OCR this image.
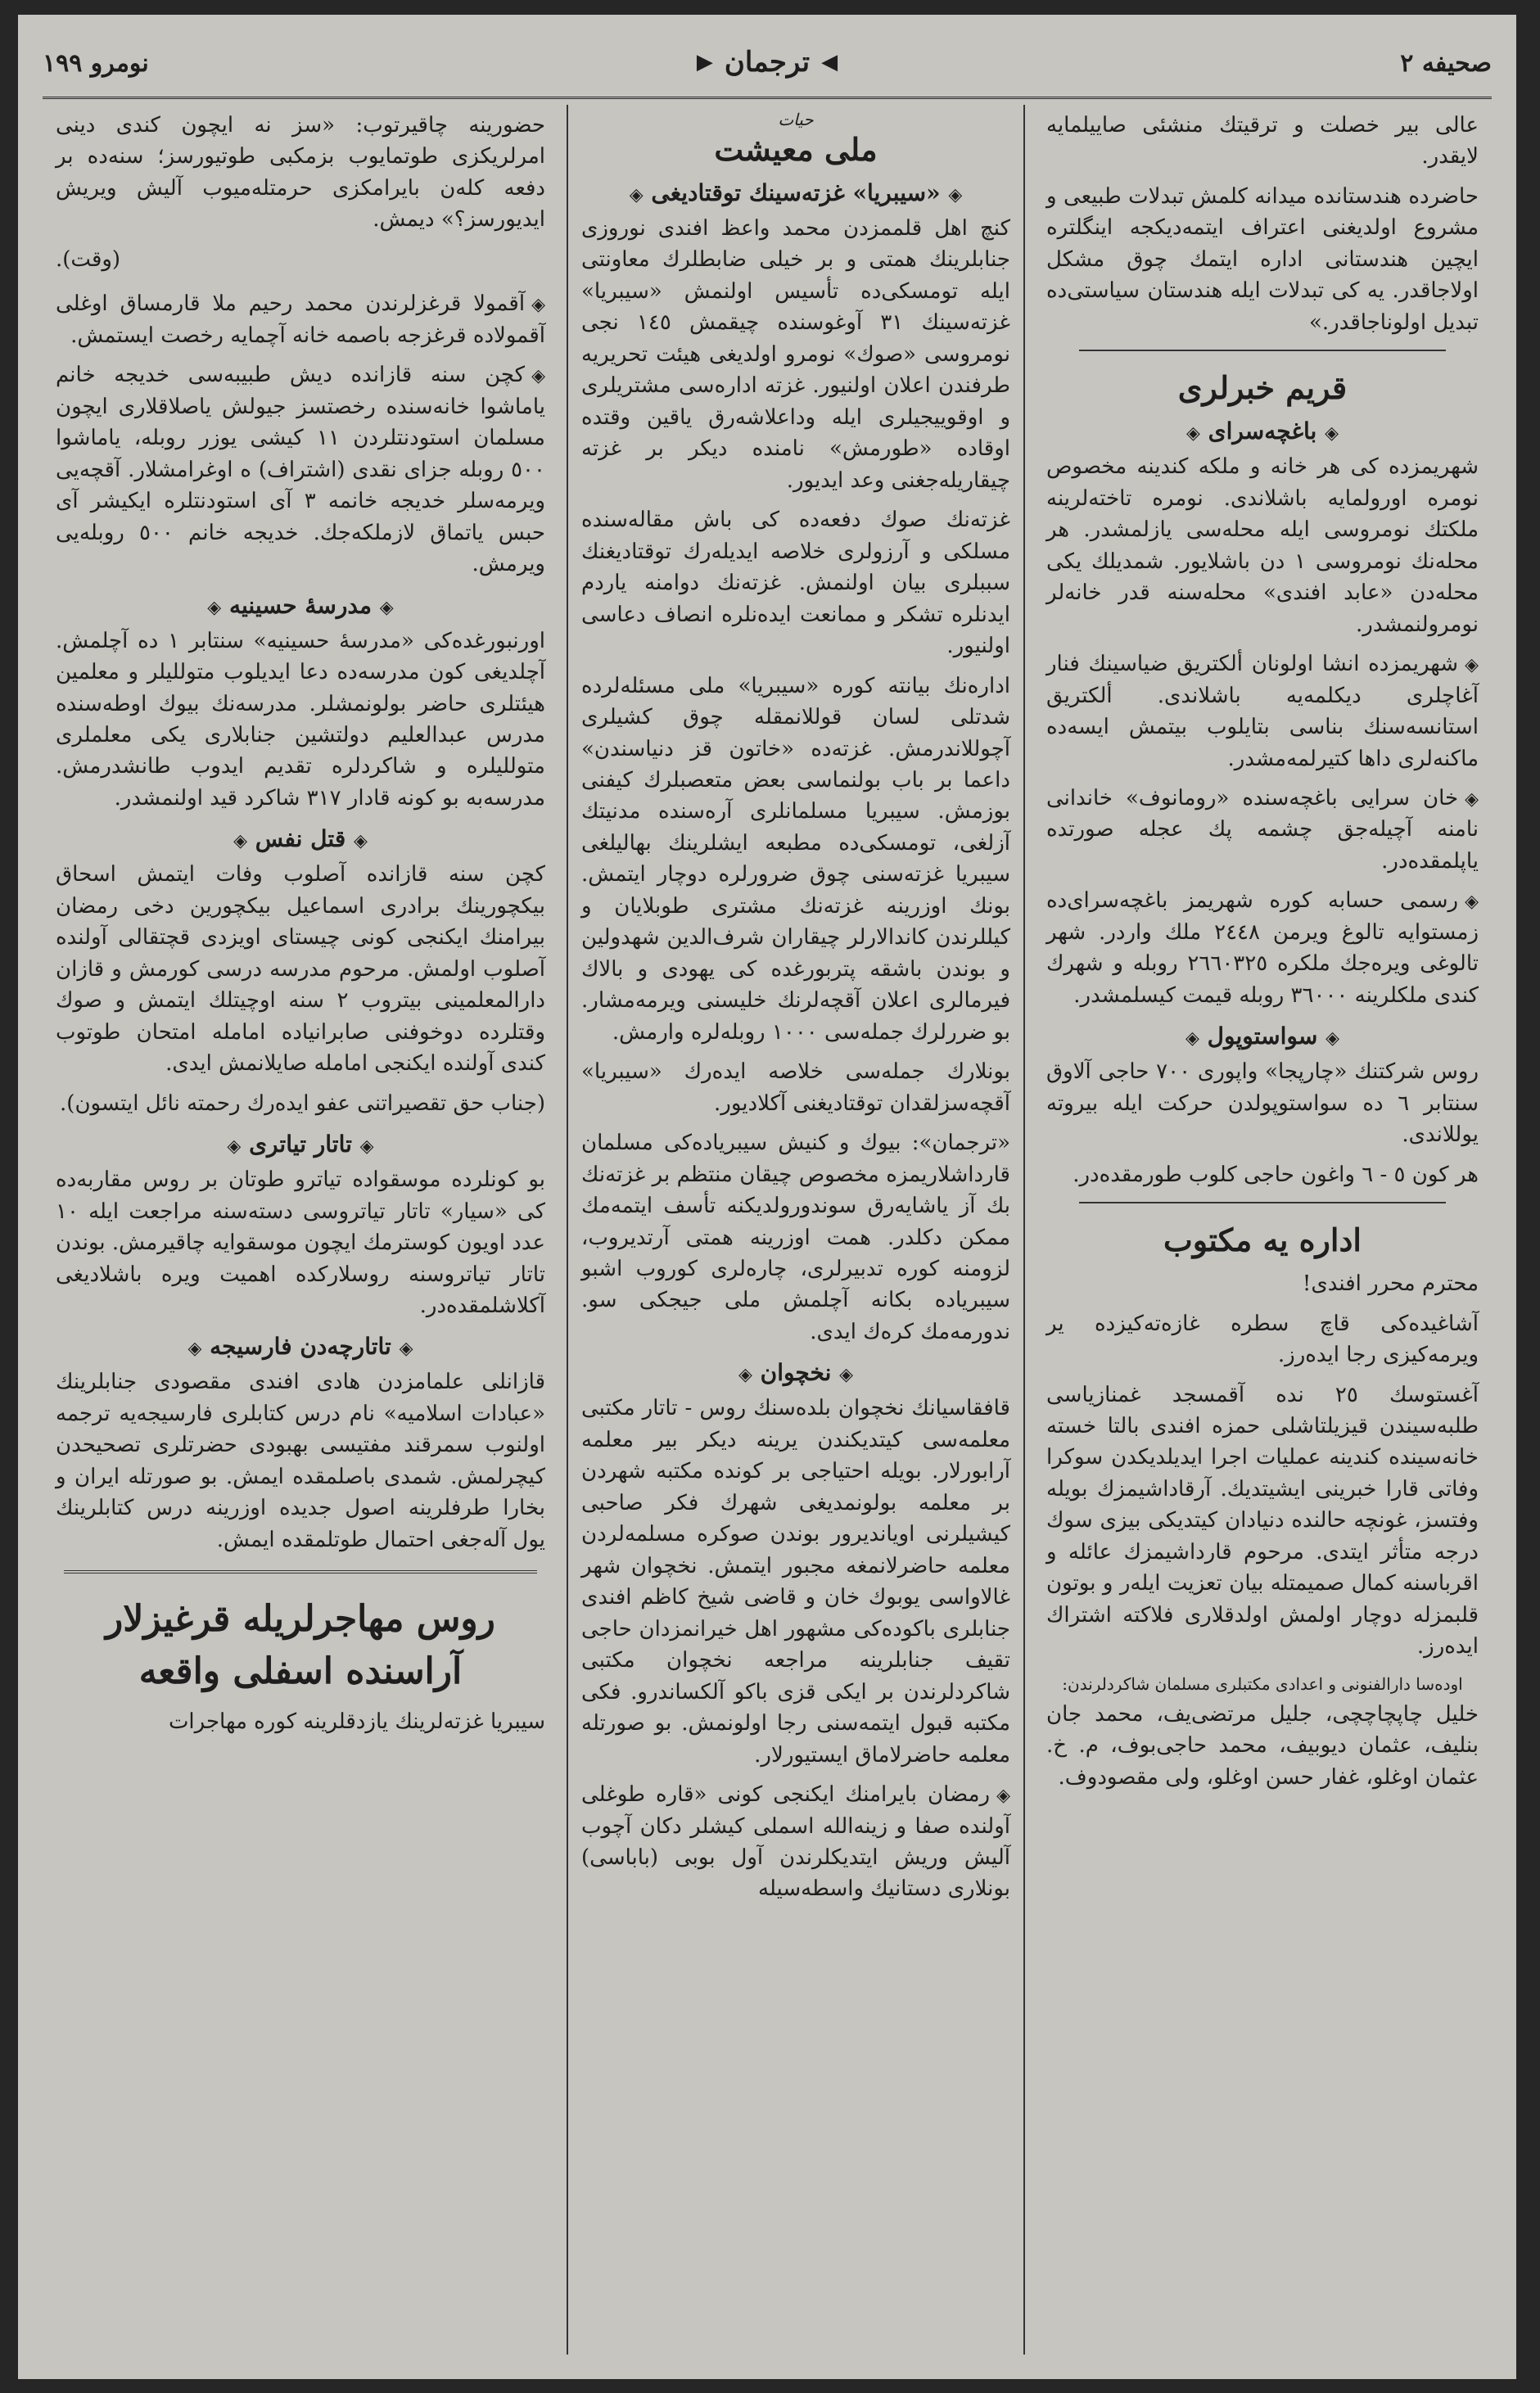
صحیفه ٢
◀
ترجمان
▶
نومرو ١٩٩

عالی بیر خصلت و ترقیتك منشئی صاییلمایه لایقدر.

حاضرده هندستانده میدانه کلمش تبدلات طبیعی و مشروع اولدیغنی اعتراف ایتمه‌دیکجه اینگلتره ایچین هندستانی اداره ایتمك چوق مشکل اولاجاقدر. یه کی تبدلات ایله هندستان سیاستی‌ده تبدیل اولوناجاقدر.»

قریم خبرلری
◈ باغچه‌سرای ◈

شهریمزده کی هر خانه و ملکه کندینه مخصوص نومره اورولمایه باشلاندی. نومره تاختەلرینه ملکتك نومروسی ایله محله‌سی یازلمشدر. هر محله‌نك نومروسی ١ دن باشلایور. شمدیلك یکی محله‌دن «عابد افندی» محله‌سنه قدر خانه‌لر نومرولنمشدر.

◈شهریمزده انشا اولونان ألکتریق ضیاسینك فنار آغاچلری دیکلمه‌یه باشلاندی. ألکتریق استانسه‌سنك بناسی بتایلوب بیتمش ایسه‌ده ماکنه‌لری داها کتیرلمه‌مشدر.

◈خان سرایی باغچه‌سنده «رومانوف» خاندانی نامنه آچیله‌جق چشمه پك عجله صورتده یاپلمقده‌در.

◈رسمی حسابه کوره شهریمز باغچه‌سرای‌ده زمستوایه تالوغ ویرمن ٢٤٤٨ ملك واردر. شهر تالوغی ویره‌جك ملکره ٢٦٦٠٣٢٥ روبله و شهرك کندی ملکلرینه ٣٦٠٠٠ روبله قیمت کیسلمشدر.

◈ سواستوپول ◈

روس شرکتنك «چارپجا» واپوری ٧٠٠ حاجی آلاوق سنتابر ٦ ده سواستوپولدن حرکت ایله بیروته یوللاندی.

هر کون ٥ - ٦ واغون حاجی کلوب طورمقده‌در.

اداره یه مکتوب

محترم محرر افندی!

آشاغیده‌کی قاچ سطره غازه‌ته‌کیزده یر ویرمه‌کیزی رجا ایدەرز.

آغستوسك ٢٥ نده آقمسجد غمنازیاسی طلبه‌سیندن قیزیلتاشلی حمزه افندی بالتا خسته خانه‌سینده کندینه عملیات اجرا ایدیلدیکدن سوکرا وفاتی قارا خبرینی ایشیتدیك. آرقاداشیمزك بویله وفتسز، غونچه حالنده دنیادان کیتدیکی بیزی سوك درجه متأثر ایتدی. مرحوم قارداشیمزك عائله و اقرباسنه کمال صمیمتله بیان تعزیت ایله‌ر و بوتون قلبمزله دوچار اولمش اولدقلاری فلاکته اشتراك ایدەرز.

اودەسا دارالفنونی و اعدادی مکتبلری مسلمان شاکردلرندن:

خلیل چاپچاچچی، جلیل مرتضی‌یف، محمد جان بنلیف، عثمان دیوبیف، محمد حاجی‌بوف، م. خ. عثمان اوغلو، غفار حسن اوغلو، ولی مقصودوف.

حیات
ملی معیشت
◈ «سیبریا» غزته‌سینك توقتادیغی ◈

کنچ اهل قلممزدن محمد واعظ افندی نوروزی جنابلرینك همتی و بر خیلی ضابطلرك معاونتی ایله تومسکی‌ده تأسیس اولنمش «سیبریا» غزته‌سینك ٣١ آوغوسنده چیقمش ١٤٥ نجی نومروسی «صوك» نومرو اولدیغی هیئت تحریریه طرفندن اعلان اولنیور. غزته اداره‌سی مشتریلری و اوقوییجیلری ایله وداعلاشه‌رق یاقین وقتده اوقاده «طورمش» نامنده دیکر بر غزته چیقاریله‌جغنی وعد ایدیور.

غزته‌نك صوك دفعه‌ده کی باش مقاله‌سنده مسلکی و آرزولری خلاصه ایدیله‌رك توقتادیغنك سببلری بیان اولنمش. غزته‌نك دوامنه یاردم ایدنلره تشکر و ممانعت ایدەنلره انصاف دعاسی اولنیور.

اداره‌نك بیانته کوره «سیبریا» ملی مسئله‌لرده شدتلی لسان قوللانمقله چوق کشیلری آچوللاندرمش. غزته‌ده «خاتون قز دنیاسندن» داعما بر باب بولنماسی بعض متعصبلرك کیفنی بوزمش. سیبریا مسلمانلری آره‌سنده مدنیتك آزلغی، تومسکی‌ده مطبعه ایشلرینك بهالیلغی سیبریا غزته‌سنی چوق ضرورلره دوچار ایتمش. بونك اوزرینه غزته‌نك مشتری طوبلایان و کیللرندن کاندالارلر چیقاران شرف‌الدین شهدولین و بوندن باشقه پتربورغده کی یهودی و بالاك فیرمالری اعلان آقچه‌لرنك خلیسنی ویرمه‌مشار. بو ضررلرك جمله‌سی ١٠٠٠ روبله‌لره وارمش.

بونلارك جمله‌سی خلاصه ایدەرك «سیبریا» آقچه‌سزلقدان توقتادیغنی آکلادیور.

«ترجمان»: بیوك و کنیش سیبریاده‌کی مسلمان قارداشلاریمزه مخصوص چیقان منتظم بر غزته‌نك بك آز یاشایه‌رق سوندورولدیکنه تأسف ایتمه‌مك ممکن دکلدر. همت اوزرینه همتی آرتدیروب، لزومنه کوره تدبیرلری، چاره‌لری کوروب اشبو سیبریاده بکانه آچلمش ملی جیجکی سو. ندورمه‌مك کرەك ایدی.

◈ نخچوان ◈

قافقاسیانك نخچوان بلدەسنك روس - تاتار مکتبی معلمه‌سی کیتدیکندن یرینه دیکر بیر معلمه آرابورلار. بویله احتیاجی بر کونده مکتبه شهردن بر معلمه بولونمدیغی شهرك فکر صاحبی کیشیلرنی اویاندیرور بوندن صوکره مسلمه‌لردن معلمه حاضرلانمغه مجبور ایتمش. نخچوان شهر غالاواسی یوبوك خان و قاضی شیخ کاظم افندی جنابلری باکوده‌کی مشهور اهل خیرانمزدان حاجی تقیف جنابلرینه مراجعه نخچوان مکتبی شاکردلرندن بر ایکی قزی باکو آلکساندرو. فکی مکتبه قبول ایتمه‌سنی رجا اولونمش. بو صورتله معلمه حاضرلاماق ایستیورلار.

◈رمضان بایرامنك ایکنجی کونی «قاره طوغلی آولنده صفا و زینه‌الله اسملی کیشلر دکان آچوب آلیش وریش ایتدیکلرندن آول بوبی (باباسی) بونلاری دستانیك واسطه‌سیله

حضورینه چاقیرتوب: «سز نه ایچون کندی دینی امرلریکزی طوتمایوب بزمکبی طوتیورسز؛ سنه‌ده بر دفعه کله‌ن بایرامکزی حرمتله‌میوب آلیش ویریش ایدیورسز؟» دیمش.

(وقت).

◈آقمولا قرغزلرندن محمد رحیم ملا قارمساق اوغلی آقمولاده قرغزجه باصمه خانه آچمایه رخصت ایستمش.

◈کچن سنه قازانده دیش طبیبه‌سی خدیجه خانم یاماشوا خانه‌سنده رخصتسز جیولش یاصلاقلاری ایچون مسلمان استودنتلردن ١١ کیشی یوزر روبله، یاماشوا ٥٠٠ روبله جزای نقدی (اشتراف) ه اوغرامشلار. آقچه‌یی ویرمه‌سلر خدیجه خانمه ٣ آی استودنتلره ایکیشر آی حبس یاتماق لازملکه‌جك. خدیجه خانم ٥٠٠ روبله‌یی ویرمش.

◈ مدرسهٔ حسینیه ◈

اورنبورغده‌کی «مدرسهٔ حسینیه» سنتابر ١ ده آچلمش. آچلدیغی کون مدرسه‌ده دعا ایدیلوب متوللیلر و معلمین هیئتلری حاضر بولونمشلر. مدرسه‌نك بیوك اوطه‌سنده مدرس عبدالعلیم دولتشین جنابلاری یکی معلملری متوللیلره و شاکردلره تقدیم ایدوب طانشدرمش. مدرسه‌به بو کونه قادار ٣١٧ شاکرد قید اولنمشدر.

◈ قتل نفس ◈

کچن سنه قازانده آصلوب وفات ایتمش اسحاق بیکچورینك برادری اسماعیل بیکچورین دخی رمضان بیرامنك ایکنجی کونی چیستای اویزدی قچتقالی آولنده آصلوب اولمش. مرحوم مدرسه درسی کورمش و قازان دارالمعلمینی بیتروب ٢ سنه اوچیتلك ایتمش و صوك وقتلرده دوخوفنی صابرانیاده امامله امتحان طوتوب کندی آولنده ایکنجی امامله صایلانمش ایدی.

(جناب حق تقصیراتنی عفو ایدەرك رحمته نائل ایتسون).

◈ تاتار تیاتری ◈

بو کونلرده موسقواده تیاترو طوتان بر روس مقاربه‌ده کی «سیار» تاتار تیاتروسی دسته‌سنه مراجعت ایله ١٠ عدد اویون کوسترمك ایچون موسقوایه چاقیرمش. بوندن تاتار تیاتروسنه روسلارکده اهمیت ویره باشلادیغی آکلاشلمقده‌در.

◈ تاتارچه‌دن فارسیجه ◈

قازانلی علمامزدن هادی افندی مقصودی جنابلرینك «عبادات اسلامیه» نام درس کتابلری فارسیجه‌یه ترجمه اولنوب سمرقند مفتیسی بهبودی حضرتلری تصحیحدن کیچرلمش. شمدی باصلمقده ایمش. بو صورتله ایران و بخارا طرفلرینه اصول جدیده اوزرینه درس کتابلرینك یول آله‌جغی احتمال طوتلمقده ایمش.

روس مهاجرلریله قرغیزلار آراسنده اسفلی واقعه

سیبریا غزته‌لرینك یازدقلرینه کوره مهاجرات
